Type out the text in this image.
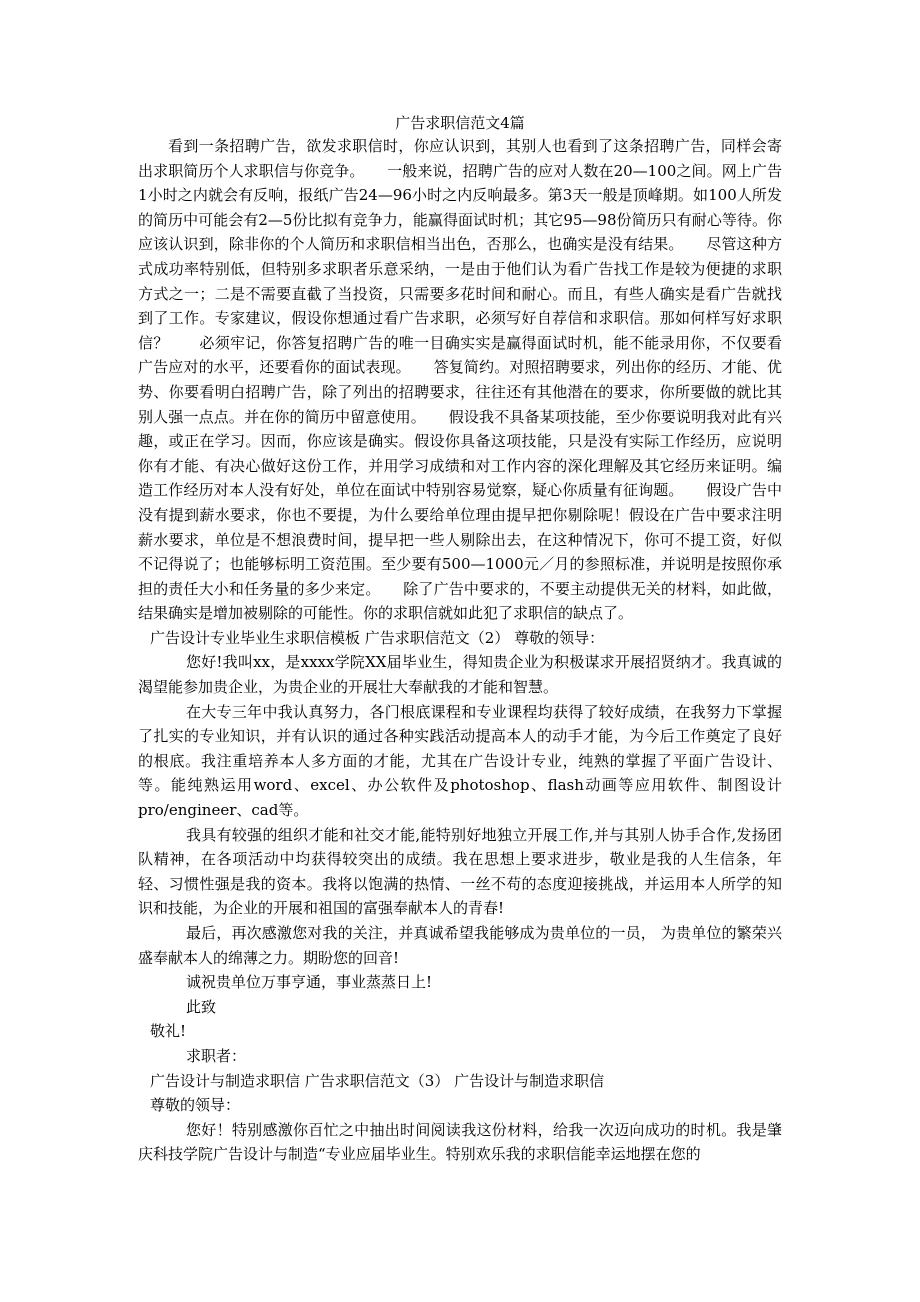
广告求职信范文4篇

看到一条招聘广告，欲发求职信时，你应认识到，其别人也看到了这条招聘广告，同样会寄出求职简历个人求职信与你竞争。　　一般来说，招聘广告的应对人数在20—100之间。网上广告1小时之内就会有反响，报纸广告24—96小时之内反响最多。第3天一般是顶峰期。如100人所发的简历中可能会有2—5份比拟有竞争力，能赢得面试时机；其它95—98份简历只有耐心等待。你应该认识到，除非你的个人简历和求职信相当出色，否那么，也确实是没有结果。　　尽管这种方式成功率特别低，但特别多求职者乐意采纳，一是由于他们认为看广告找工作是较为便捷的求职方式之一；二是不需要直截了当投资，只需要多花时间和耐心。而且，有些人确实是看广告就找到了工作。专家建议，假设你想通过看广告求职，必须写好自荐信和求职信。那如何样写好求职信？　　必须牢记，你答复招聘广告的唯一目确实实是赢得面试时机，能不能录用你，不仅要看广告应对的水平，还要看你的面试表现。　　答复简约。对照招聘要求，列出你的经历、才能、优势、你要看明白招聘广告，除了列出的招聘要求，往往还有其他潜在的要求，你所要做的就比其别人强一点点。并在你的简历中留意使用。　　假设我不具备某项技能，至少你要说明我对此有兴趣，或正在学习。因而，你应该是确实。假设你具备这项技能，只是没有实际工作经历，应说明你有才能、有决心做好这份工作，并用学习成绩和对工作内容的深化理解及其它经历来证明。编造工作经历对本人没有好处，单位在面试中特别容易觉察，疑心你质量有征询题。　　假设广告中没有提到薪水要求，你也不要提，为什么要给单位理由提早把你剔除呢！假设在广告中要求注明薪水要求，单位是不想浪费时间，提早把一些人剔除出去，在这种情况下，你可不提工资，好似不记得说了；也能够标明工资范围。至少要有500—1000元／月的参照标准，并说明是按照你承担的责任大小和任务量的多少来定。　　除了广告中要求的，不要主动提供无关的材料，如此做，结果确实是增加被剔除的可能性。你的求职信就如此犯了求职信的缺点了。

广告设计专业毕业生求职信模板 广告求职信范文（2） 尊敬的领导：

您好!我叫xx，是xxxx学院XX届毕业生，得知贵企业为积极谋求开展招贤纳才。我真诚的渴望能参加贵企业，为贵企业的开展壮大奉献我的才能和智慧。

在大专三年中我认真努力，各门根底课程和专业课程均获得了较好成绩，在我努力下掌握了扎实的专业知识，并有认识的通过各种实践活动提高本人的动手才能，为今后工作奠定了良好的根底。我注重培养本人多方面的才能，尤其在广告设计专业，纯熟的掌握了平面广告设计、等。能纯熟运用word、excel、办公软件及photoshop、flash动画等应用软件、制图设计pro/engineer、cad等。

我具有较强的组织才能和社交才能,能特别好地独立开展工作,并与其别人协手合作,发扬团队精神，在各项活动中均获得较突出的成绩。我在思想上要求进步，敬业是我的人生信条，年轻、习惯性强是我的资本。我将以饱满的热情、一丝不苟的态度迎接挑战，并运用本人所学的知识和技能，为企业的开展和祖国的富强奉献本人的青春!

最后，再次感激您对我的关注，并真诚希望我能够成为贵单位的一员， 为贵单位的繁荣兴盛奉献本人的绵薄之力。期盼您的回音!

诚祝贵单位万事亨通，事业蒸蒸日上!

此致

敬礼!

求职者：

广告设计与制造求职信 广告求职信范文（3） 广告设计与制造求职信

尊敬的领导：

您好！特别感激你百忙之中抽出时间阅读我这份材料，给我一次迈向成功的时机。我是肇庆科技学院广告设计与制造“专业应届毕业生。特别欢乐我的求职信能幸运地摆在您的
